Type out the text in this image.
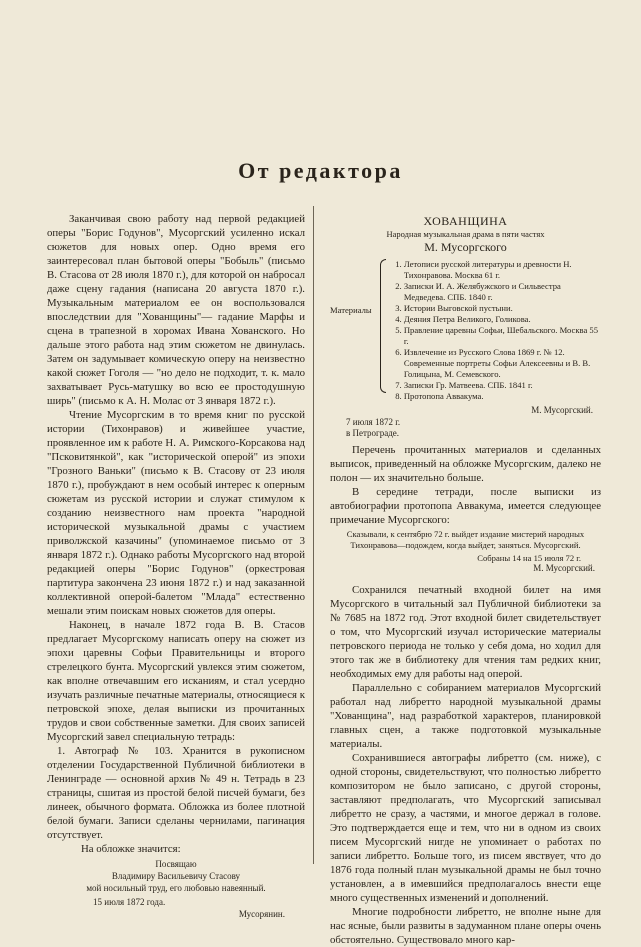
От редактора

Заканчивая свою работу над первой редакцией оперы "Борис Годунов", Мусоргский усиленно искал сюжетов для новых опер. Одно время его заинтересовал план бытовой оперы "Бобыль" (письмо В. Стасова от 28 июля 1870 г.), для которой он набросал даже сцену гадания (написана 20 августа 1870 г.). Музыкальным материалом ее он воспользовался впоследствии для "Хованщины"— гадание Марфы и сцена в трапезной в хоромах Ивана Хованского. Но дальше этого работа над этим сюжетом не двинулась. Затем он задумывает комическую оперу на неизвестно какой сюжет Гоголя — "но дело не подходит, т. к. мало захватывает Русь-матушку во всю ее простодушную ширь" (письмо к А. Н. Молас от 3 января 1872 г.).

Чтение Мусоргским в то время книг по русской истории (Тихонравов) и живейшее участие, проявленное им к работе Н. А. Римского-Корсакова над "Псковитянкой", как "исторической оперой" из эпохи "Грозного Ваньки" (письмо к В. Стасову от 23 июля 1870 г.), пробуждают в нем особый интерес к оперным сюжетам из русской истории и служат стимулом к созданию неизвестного нам проекта "народной исторической музыкальной драмы с участием приволжской казачины" (упоминаемое письмо от 3 января 1872 г.). Однако работы Мусоргского над второй редакцией оперы "Борис Годунов" (оркестровая партитура закончена 23 июня 1872 г.) и над заказанной коллективной оперой-балетом "Млада" естественно мешали этим поискам новых сюжетов для оперы.

Наконец, в начале 1872 года В. В. Стасов предлагает Мусоргскому написать оперу на сюжет из эпохи царевны Софьи Правительницы и второго стрелецкого бунта. Мусоргский увлекся этим сюжетом, как вполне отвечавшим его исканиям, и стал усердно изучать различные печатные материалы, относящиеся к петровской эпохе, делая выписки из прочитанных трудов и свои собственные заметки. Для своих записей Мусоргский завел специальную тетрадь:

1. Автограф № 103. Хранится в рукописном отделении Государственной Публичной библиотеки в Ленинграде — основной архив № 49 н. Тетрадь в 23 страницы, сшитая из простой белой писчей бумаги, без линеек, обычного формата. Обложка из более плотной белой бумаги. Записи сделаны чернилами, пагинация отсутствует.

На обложке значится:

Посвящаю
Владимиру Васильевичу Стасову
мой носильный труд, его любовью навеянный.
15 июля 1872 года.
Мусорянин.
ХОВАНЩИНА
Народная музыкальная драма в пяти частях
М. Мусоргского
Материалы
1. Летописи русской литературы и древности Н. Тихонравова. Москва 61 г.
2. Записки И. А. Желябужского и Сильвестра Медведева. СПБ. 1840 г.
3. Истории Выговской пустыни.
4. Деяния Петра Великого, Голикова.
5. Правление царевны Софьи, Шебальского. Москва 55 г.
6. Извлечение из Русского Слова 1869 г. № 12. Современные портреты Софьи Алексеевны и В. В. Голицына, М. Семевского.
7. Записки Гр. Матвеева. СПБ. 1841 г.
8. Протопопа Аввакума.
М. Мусоргский.
7 июля 1872 г.
в Петрограде.

Перечень прочитанных материалов и сделанных выписок, приведенный на обложке Мусоргским, далеко не полон — их значительно больше.

В середине тетради, после выписки из автобиографии протопопа Аввакума, имеется следующее примечание Мусоргского:

Сказывали, к сентябрю 72 г. выйдет издание мистерий народных Тихонравова—подождем, когда выйдет, заняться. Мусоргский.
Собраны 14 на 15 июля 72 г.
М. Мусоргский.

Сохранился печатный входной билет на имя Мусоргского в читальный зал Публичной библиотеки за № 7685 на 1872 год. Этот входной билет свидетельствует о том, что Мусоргский изучал исторические материалы петровского периода не только у себя дома, но ходил для этого так же в библиотеку для чтения там редких книг, необходимых ему для работы над оперой.

Параллельно с собиранием материалов Мусоргский работал над либретто народной музыкальной драмы "Хованщина", над разработкой характеров, планировкой главных сцен, а также подготовкой музыкальные материалы.

Сохранившиеся автографы либретто (см. ниже), с одной стороны, свидетельствуют, что полностью либретто композитором не было записано, с другой стороны, заставляют предполагать, что Мусоргский записывал либретто не сразу, а частями, и многое держал в голове. Это подтверждается еще и тем, что ни в одном из своих писем Мусоргский нигде не упоминает о работах по записи либретто. Больше того, из писем явствует, что до 1876 года полный план музыкальной драмы не был точно установлен, а в имевшийся предполагалось внести еще много существенных изменений и дополнений.

Многие подробности либретто, не вполне ныне для нас ясные, были развиты в задуманном плане оперы очень обстоятельно. Существовало много кар-
